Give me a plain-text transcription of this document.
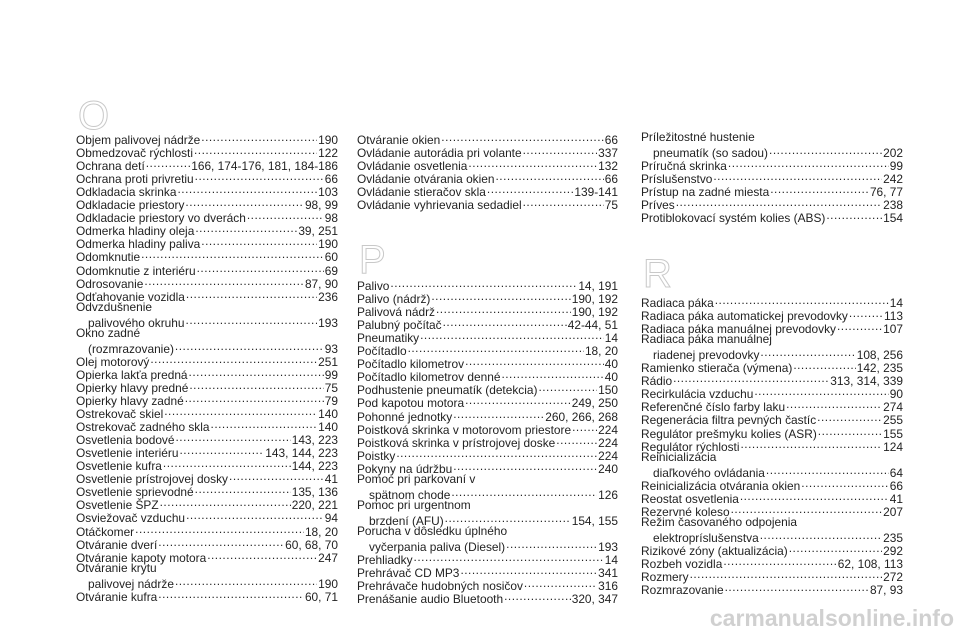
O
Objem palivovej nádrže .....	190
Obmedzovač rýchlosti .....	122
Ochrana detí .....	166, 174-176, 181, 184-186
Ochrana proti privretiu .....	66
Odkladacia skrinka .....	103
Odkladacie priestory .....	98, 99
Odkladacie priestory vo dverách .....	98
Odmerka hladiny oleja .....	39, 251
Odmerka hladiny paliva .....	190
Odomknutie .....	60
Odomknutie z interiéru .....	69
Odrosovanie .....	87, 90
Odťahovanie vozidla .....	236
Odvzdušnenie
palivového okruhu .....	193
Okno zadné
(rozmrazovanie) .....	93
Olej motorový .....	251
Opierka lakťa predná .....	99
Opierky hlavy predné .....	75
Opierky hlavy zadné .....	79
Ostrekovač skiel .....	140
Ostrekovač zadného skla .....	140
Osvetlenia bodové .....	143, 223
Osvetlenie interiéru .....	143, 144, 223
Osvetlenie kufra .....	144, 223
Osvetlenie prístrojovej dosky .....	41
Osvetlenie sprievodné .....	135, 136
Osvetlenie ŠPZ .....	220, 221
Osviežovač vzduchu .....	94
Otáčkomer .....	18, 20
Otváranie dverí .....	60, 68, 70
Otváranie kapoty motora .....	247
Otváranie krytu
palivovej nádrže .....	190
Otváranie kufra .....	60, 71
Otváranie okien .....	66
Ovládanie autorádia pri volante .....	337
Ovládanie osvetlenia .....	132
Ovládanie otvárania okien .....	66
Ovládanie stieračov skla .....	139-141
Ovládanie vyhrievania sedadiel .....	75
P
Palivo .....	14, 191
Palivo (nádrž) .....	190, 192
Palivová nádrž .....	190, 192
Palubný počítač .....	42-44, 51
Pneumatiky .....	14
Počítadlo .....	18, 20
Počítadlo kilometrov .....	40
Počítadlo kilometrov denné .....	40
Podhustenie pneumatík (detekcia) .....	150
Pod kapotou motora .....	249, 250
Pohonné jednotky .....	260, 266, 268
Poistková skrinka v motorovom priestore ..... 224
Poistková skrinka v prístrojovej doske .....	224
Poistky .....	224
Pokyny na údržbu .....	240
Pomoc pri parkovaní v
spätnom chode .....	126
Pomoc pri urgentnom
brzdení (AFU) .....	154, 155
Porucha v dôsledku úplného
vyčerpania paliva (Diesel) .....	193
Prehliadky .....	14
Prehrávač CD MP3 .....	341
Prehrávače hudobných nosičov .....	316
Prenášanie audio Bluetooth .....	320, 347
Príležitostné hustenie
pneumatík (so sadou) .....	202
Príručná skrinka .....	99
Príslušenstvo .....	242
Prístup na zadné miesta .....	76, 77
Príves .....	238
Protiblokovací systém kolies (ABS) .....	154
R
Radiaca páka .....	14
Radiaca páka automatickej prevodovky .....	113
Radiaca páka manuálnej prevodovky .....	107
Radiaca páka manuálnej
riadenej prevodovky .....	108, 256
Ramienko stierača (výmena) .....	142, 235
Rádio .....	313, 314, 339
Recirkulácia vzduchu .....	90
Referenčné číslo farby laku .....	274
Regenerácia filtra pevných častíc .....	255
Regulátor prešmyku kolies (ASR) .....	155
Regulátor rýchlosti .....	124
Reinicializácia
diaľkového ovládania .....	64
Reinicializácia otvárania okien .....	66
Reostat osvetlenia .....	41
Rezervné koleso .....	207
Režim časovaného odpojenia
elektropríslušenstva .....	235
Rizikové zóny (aktualizácia) .....	292
Rozbeh vozidla .....	62, 108, 113
Rozmery .....	272
Rozmrazovanie .....	87, 93
carmanualsonline.info
